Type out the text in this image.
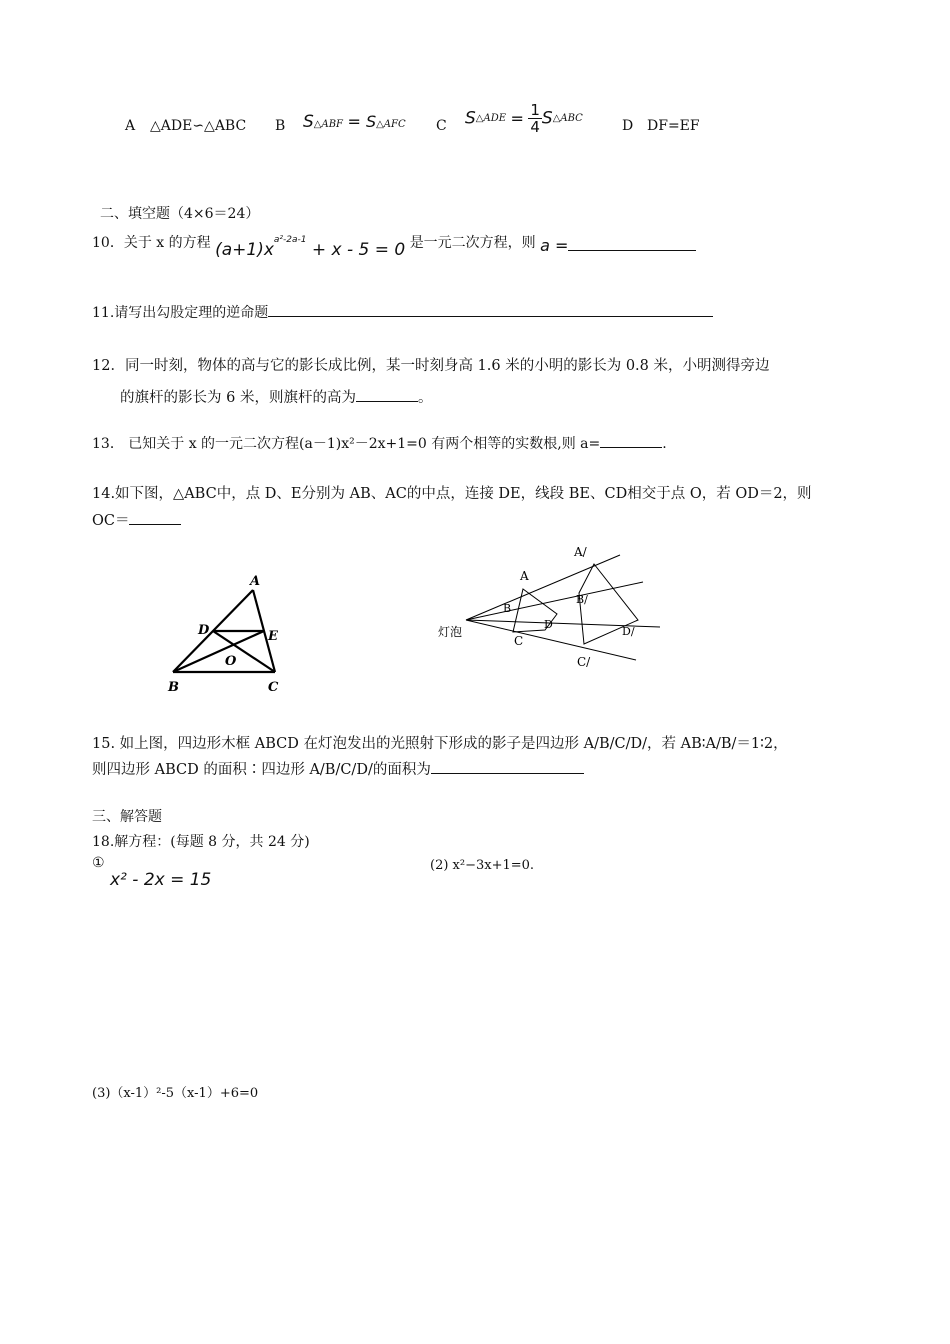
A △ADE∽△ABC B S△ABF = S△AFC C S△ADE = $\frac{1}{4}$ S△ABC	D DF=EF
二、填空题（4×6＝24）
10．关于 x 的方程 $(a+1)x^{a^2-2a-1} + x - 5 = 0$ 是一元二次方程，则 a =
11.请写出勾股定理的逆命题
12．同一时刻，物体的高与它的影长成比例，某一时刻身高 1.6 米的小明的影长为 0.8 米，小明测得旁边
的旗杆的影长为 6 米，则旗杆的高为	。
13． 已知关于 x 的一元二次方程(a－1)x²－2x+1=0 有两个相等的实数根,则 a=	.
14.如下图，△ABC中，点 D、E分别为 AB、AC的中点，连接 DE，线段 BE、CD相交于点 O，若 OD＝2，则
OC＝
A
D	E
O
B	C
灯泡
A
B
C
D
A/
B/
C/
D/
15. 如上图，四边形木框 ABCD 在灯泡发出的光照射下形成的影子是四边形 A/B/C/D/，若 AB∶A/B/＝1∶2，
则四边形 ABCD 的面积∶四边形 A/B/C/D/的面积为
三、解答题
18.解方程：(每题 8 分，共 24 分)
①
x² - 2x = 15
(2) x²−3x+1=0.
(3)（x-1）²-5（x-1）+6=0
